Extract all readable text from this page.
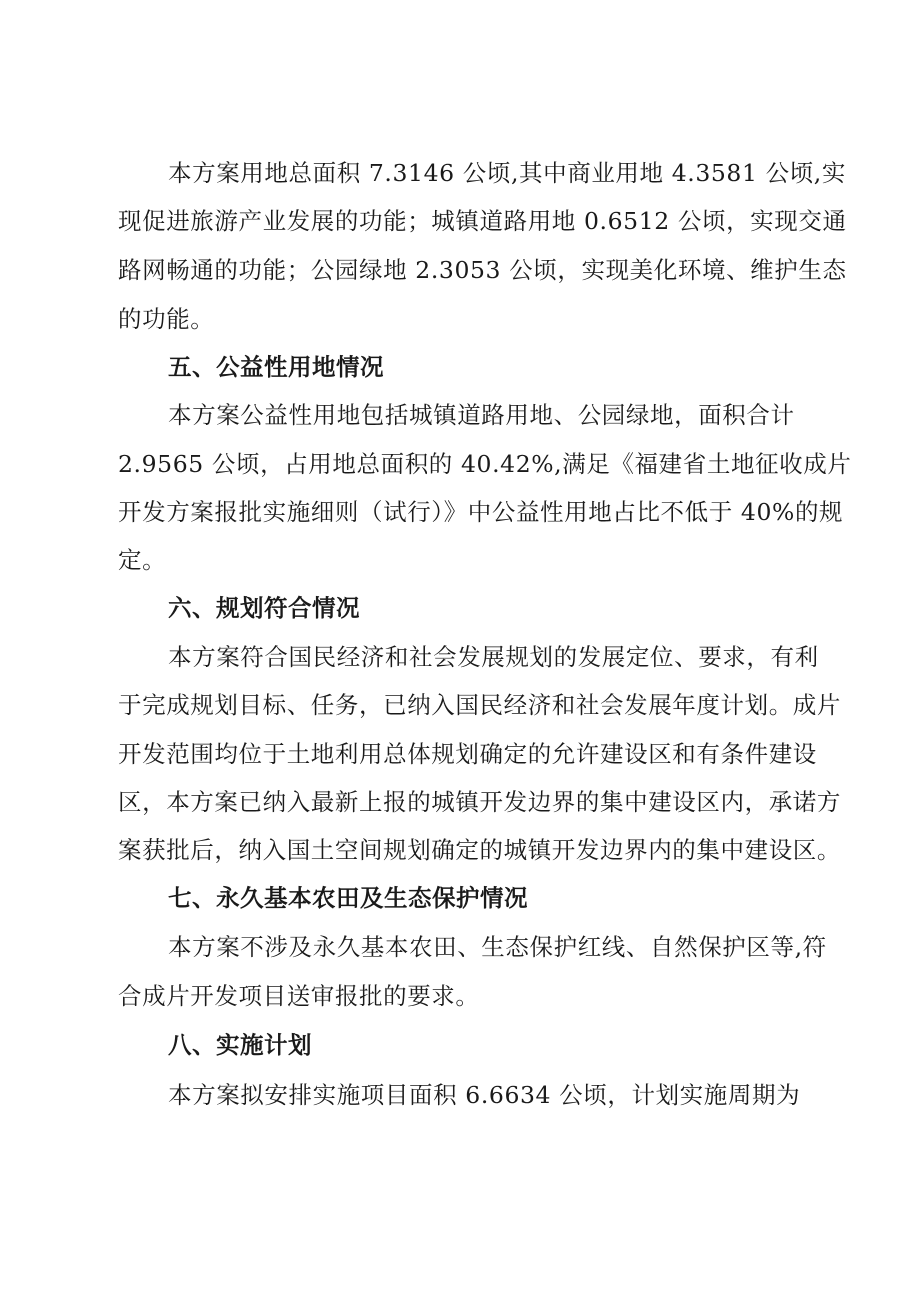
本方案用地总面积 7.3146 公顷,其中商业用地 4.3581 公顷,实
现促进旅游产业发展的功能；城镇道路用地 0.6512 公顷，实现交通
路网畅通的功能；公园绿地 2.3053 公顷，实现美化环境、维护生态
的功能。
五、公益性用地情况
本方案公益性用地包括城镇道路用地、公园绿地，面积合计
2.9565 公顷，占用地总面积的 40.42%,满足《福建省土地征收成片
开发方案报批实施细则（试行）》中公益性用地占比不低于 40%的规
定。
六、规划符合情况
本方案符合国民经济和社会发展规划的发展定位、要求，有利
于完成规划目标、任务，已纳入国民经济和社会发展年度计划。成片
开发范围均位于土地利用总体规划确定的允许建设区和有条件建设
区，本方案已纳入最新上报的城镇开发边界的集中建设区内，承诺方
案获批后，纳入国土空间规划确定的城镇开发边界内的集中建设区。
七、永久基本农田及生态保护情况
本方案不涉及永久基本农田、生态保护红线、自然保护区等,符
合成片开发项目送审报批的要求。
八、实施计划
本方案拟安排实施项目面积 6.6634 公顷，计划实施周期为
